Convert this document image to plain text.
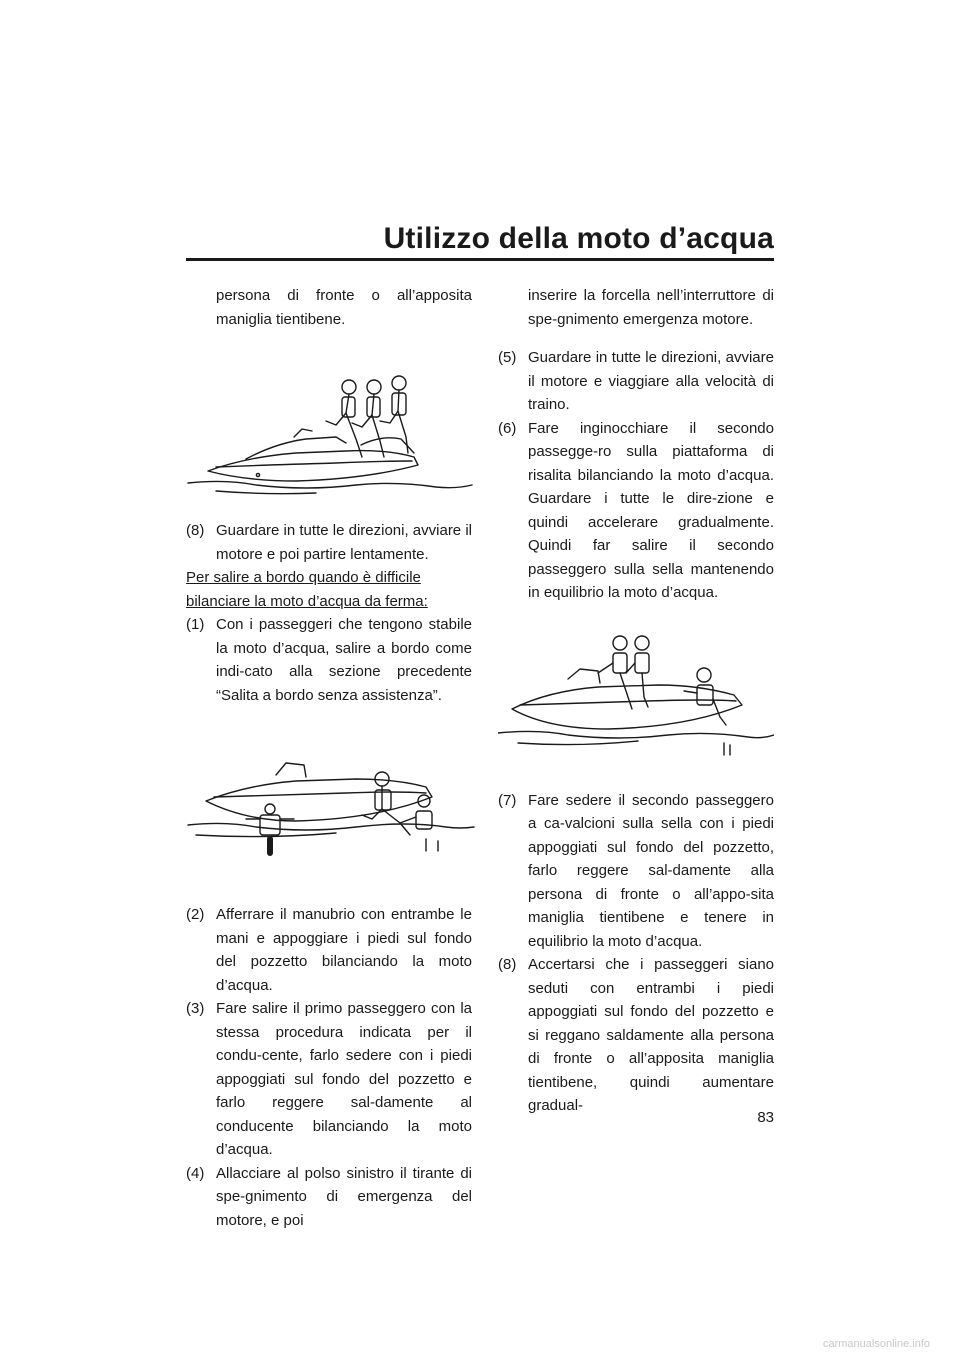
Utilizzo della moto d’acqua

persona di fronte o all’apposita maniglia tientibene.

(8) Guardare in tutte le direzioni, avviare il motore e poi partire lentamente.

Per salire a bordo quando è difficile bilanciare la moto d’acqua da ferma:

(1) Con i passeggeri che tengono stabile la moto d’acqua, salire a bordo come indi-cato alla sezione precedente “Salita a bordo senza assistenza”.
(2) Afferrare il manubrio con entrambe le mani e appoggiare i piedi sul fondo del pozzetto bilanciando la moto d’acqua.
(3) Fare salire il primo passeggero con la stessa procedura indicata per il condu-cente, farlo sedere con i piedi appoggiati sul fondo del pozzetto e farlo reggere sal-damente al conducente bilanciando la moto d’acqua.
(4) Allacciare al polso sinistro il tirante di spe-gnimento di emergenza del motore, e poi

inserire la forcella nell’interruttore di spe-gnimento emergenza motore.

(5) Guardare in tutte le direzioni, avviare il motore e viaggiare alla velocità di traino.
(6) Fare inginocchiare il secondo passegge-ro sulla piattaforma di risalita bilanciando la moto d’acqua. Guardare i tutte le dire-zione e quindi accelerare gradualmente. Quindi far salire il secondo passeggero sulla sella mantenendo in equilibrio la moto d’acqua.
(7) Fare sedere il secondo passeggero a ca-valcioni sulla sella con i piedi appoggiati sul fondo del pozzetto, farlo reggere sal-damente alla persona di fronte o all’appo-sita maniglia tientibene e tenere in equilibrio la moto d’acqua.
(8) Accertarsi che i passeggeri siano seduti con entrambi i piedi appoggiati sul fondo del pozzetto e si reggano saldamente alla persona di fronte o all’apposita maniglia tientibene, quindi aumentare gradual-
83
carmanualsonline.info
